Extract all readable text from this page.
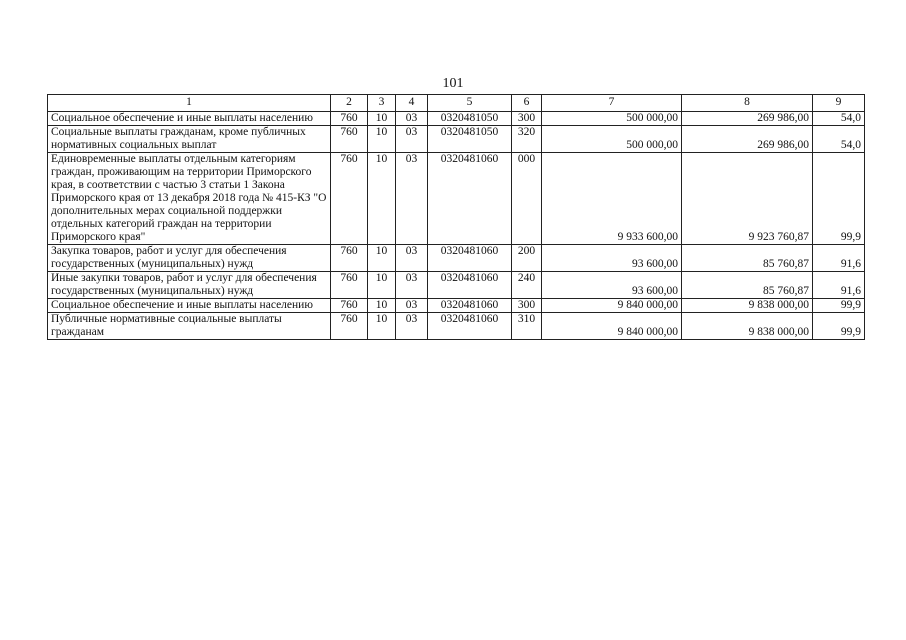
101
1	2	3	4	5	6	7	8	9
Социальное обеспечение и иные выплаты населению	760	10	03	0320481050	300	500 000,00	269 986,00	54,0
Социальные выплаты гражданам, кроме публичных нормативных социальных выплат	760	10	03	0320481050	320	500 000,00	269 986,00	54,0
Единовременные выплаты отдельным категориям граждан, проживающим на территории Приморского края, в соответствии с частью 3 статьи 1 Закона Приморского края от 13 декабря 2018 года № 415-КЗ "О дополнительных мерах социальной поддержки отдельных категорий граждан на территории Приморского края"	760	10	03	0320481060	000	9 933 600,00	9 923 760,87	99,9
Закупка товаров, работ и услуг для обеспечения государственных (муниципальных) нужд	760	10	03	0320481060	200	93 600,00	85 760,87	91,6
Иные закупки товаров, работ и услуг для обеспечения государственных (муниципальных) нужд	760	10	03	0320481060	240	93 600,00	85 760,87	91,6
Социальное обеспечение и иные выплаты населению	760	10	03	0320481060	300	9 840 000,00	9 838 000,00	99,9
Публичные нормативные социальные выплаты гражданам	760	10	03	0320481060	310	9 840 000,00	9 838 000,00	99,9
